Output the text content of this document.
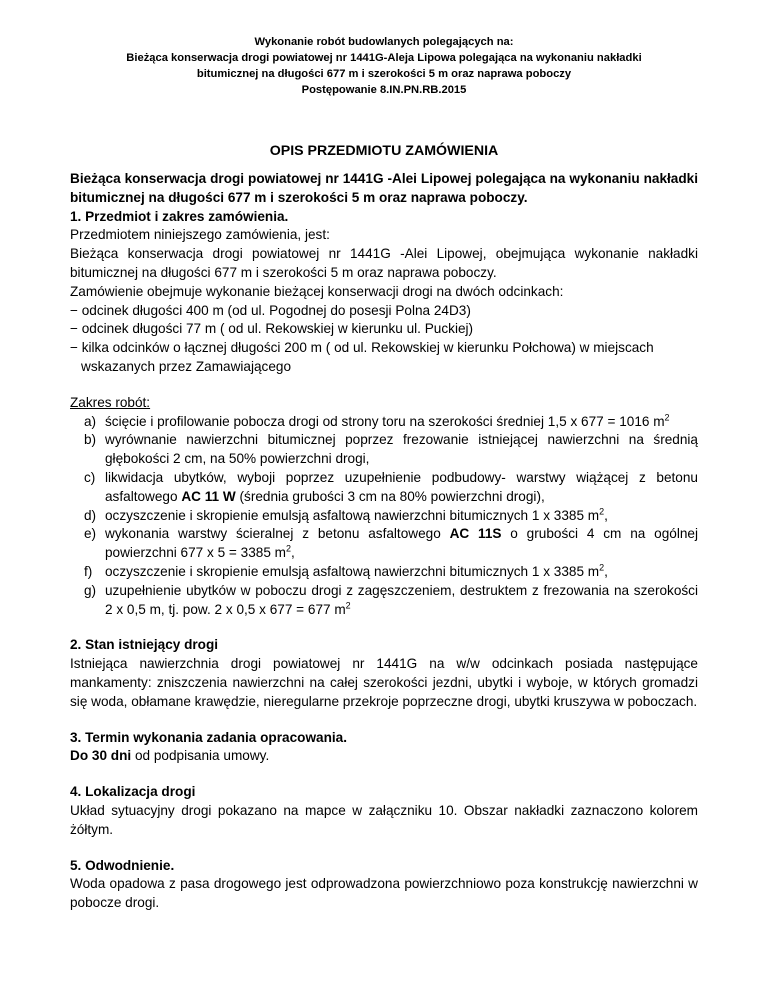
Wykonanie robót budowlanych polegających na:
Bieżąca konserwacja drogi powiatowej nr 1441G-Aleja Lipowa polegająca na wykonaniu nakładki
bitumicznej na długości 677 m i szerokości 5 m oraz naprawa poboczy
Postępowanie 8.IN.PN.RB.2015
OPIS PRZEDMIOTU ZAMÓWIENIA

Bieżąca konserwacja drogi powiatowej nr 1441G -Alei Lipowej polegająca na wykonaniu nakładki bitumicznej na długości 677 m i szerokości 5 m oraz naprawa poboczy.

1. Przedmiot i zakres zamówienia.

Przedmiotem niniejszego zamówienia, jest:

Bieżąca konserwacja drogi powiatowej nr 1441G -Alei Lipowej, obejmująca wykonanie nakładki bitumicznej na długości 677 m i szerokości 5 m oraz naprawa poboczy.

Zamówienie obejmuje wykonanie bieżącej konserwacji drogi na dwóch odcinkach:

− odcinek długości 400 m (od ul. Pogodnej do posesji Polna 24D3)

− odcinek długości 77 m ( od ul. Rekowskiej w kierunku ul. Puckiej)

− kilka odcinków o łącznej długości 200 m ( od ul. Rekowskiej w kierunku Połchowa) w miejscach wskazanych przez Zamawiającego

Zakres robót:

a) ścięcie i profilowanie pobocza drogi od strony toru na szerokości średniej 1,5 x 677 = 1016 $m^2$
b) wyrównanie nawierzchni bitumicznej poprzez frezowanie istniejącej nawierzchni na średnią głębokości 2 cm, na 50% powierzchni drogi,
c) likwidacja ubytków, wyboji poprzez uzupełnienie podbudowy- warstwy wiążącej z betonu asfaltowego AC 11 W (średnia grubości 3 cm na 80% powierzchni drogi),
d) oczyszczenie i skropienie emulsją asfaltową nawierzchni bitumicznych 1 x 3385 $m^2$,
e) wykonania warstwy ścieralnej z betonu asfaltowego AC 11S o grubości 4 cm na ogólnej powierzchni 677 x 5 = 3385 $m^2$,
f) oczyszczenie i skropienie emulsją asfaltową nawierzchni bitumicznych 1 x 3385 $m^2$,
g) uzupełnienie ubytków w poboczu drogi z zagęszczeniem, destruktem z frezowania na szerokości 2 x 0,5 m, tj. pow. 2 x 0,5 x 677 = 677 $m^2$

2. Stan istniejący drogi

Istniejąca nawierzchnia drogi powiatowej nr 1441G na w/w odcinkach posiada następujące mankamenty: zniszczenia nawierzchni na całej szerokości jezdni, ubytki i wyboje, w których gromadzi się woda, obłamane krawędzie, nieregularne przekroje poprzeczne drogi, ubytki kruszywa w poboczach.

3. Termin wykonania zadania opracowania.

Do 30 dni od podpisania umowy.

4. Lokalizacja drogi

Układ sytuacyjny drogi pokazano na mapce w załączniku 10. Obszar nakładki zaznaczono kolorem żółtym.

5. Odwodnienie.

Woda opadowa z pasa drogowego jest odprowadzona powierzchniowo poza konstrukcję nawierzchni w pobocze drogi.
